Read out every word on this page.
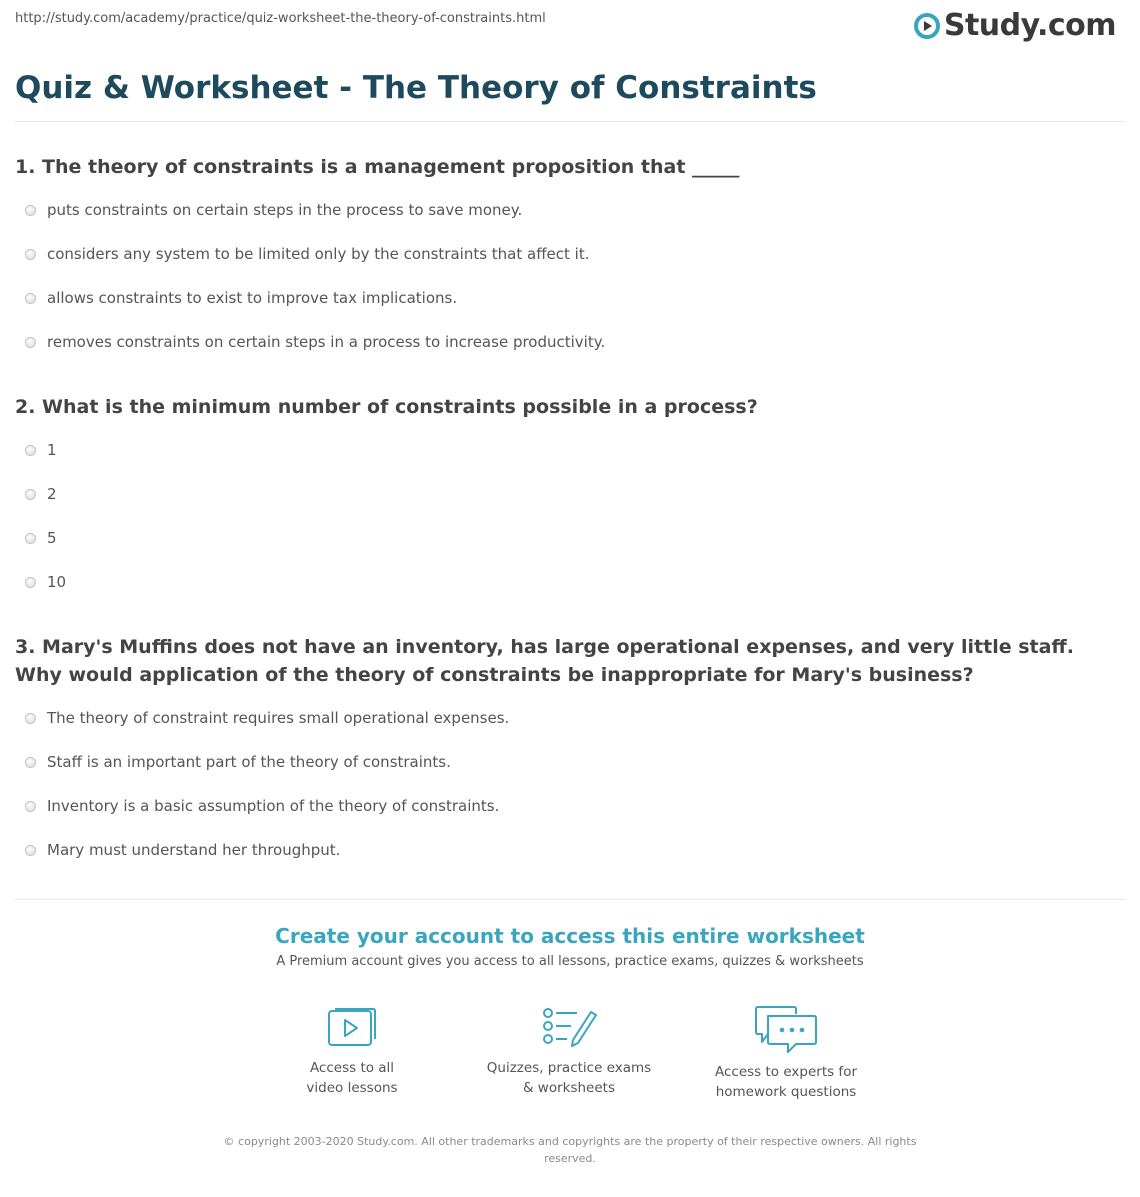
http://study.com/academy/practice/quiz-worksheet-the-theory-of-constraints.html	Study.com
Quiz & Worksheet - The Theory of Constraints

1. The theory of constraints is a management proposition that _____

puts constraints on certain steps in the process to save money.
considers any system to be limited only by the constraints that affect it.
allows constraints to exist to improve tax implications.
removes constraints on certain steps in a process to increase productivity.

2. What is the minimum number of constraints possible in a process?

1
2
5
10

3. Mary's Muffins does not have an inventory, has large operational expenses, and very little staff. Why would application of the theory of constraints be inappropriate for Mary's business?

The theory of constraint requires small operational expenses.
Staff is an important part of the theory of constraints.
Inventory is a basic assumption of the theory of constraints.
Mary must understand her throughput.
Create your account to access this entire worksheet
A Premium account gives you access to all lessons, practice exams, quizzes & worksheets
Access to all
video lessons
Quizzes, practice exams
& worksheets
Access to experts for
homework questions
© copyright 2003-2020 Study.com. All other trademarks and copyrights are the property of their respective owners. All rights reserved.
